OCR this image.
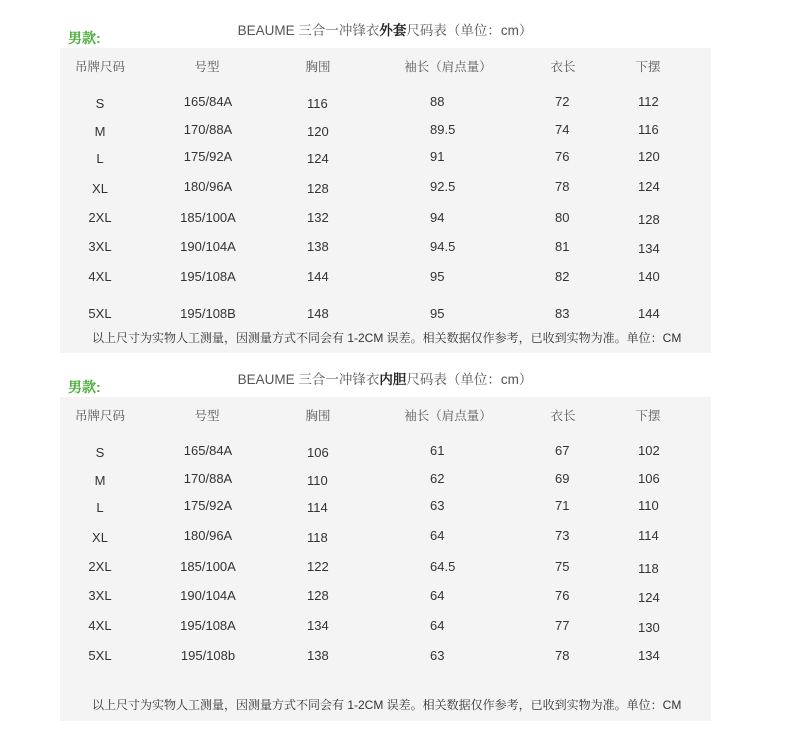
男款:	BEAUME 三合一冲锋衣外套尺码表（单位：cm）
吊牌尺码	号型	胸围	袖长（肩点量）	衣长	下摆
S	165/84A	116	88	72	112
M	170/88A	120	89.5	74	116
L	175/92A	124	91	76	120
XL	180/96A	128	92.5	78	124
2XL	185/100A	132	94	80	128
3XL	190/104A	138	94.5	81	134
4XL	195/108A	144	95	82	140
5XL	195/108B	148	95	83	144
以上尺寸为实物人工测量，因测量方式不同会有 1-2CM 误差。相关数据仅作参考，已收到实物为准。单位：CM
男款:	BEAUME 三合一冲锋衣内胆尺码表（单位：cm）
吊牌尺码	号型	胸围	袖长（肩点量）	衣长	下摆
S	165/84A	106	61	67	102
M	170/88A	110	62	69	106
L	175/92A	114	63	71	110
XL	180/96A	118	64	73	114
2XL	185/100A	122	64.5	75	118
3XL	190/104A	128	64	76	124
4XL	195/108A	134	64	77	130
5XL	195/108b	138	63	78	134
以上尺寸为实物人工测量，因测量方式不同会有 1-2CM 误差。相关数据仅作参考，已收到实物为准。单位：CM
